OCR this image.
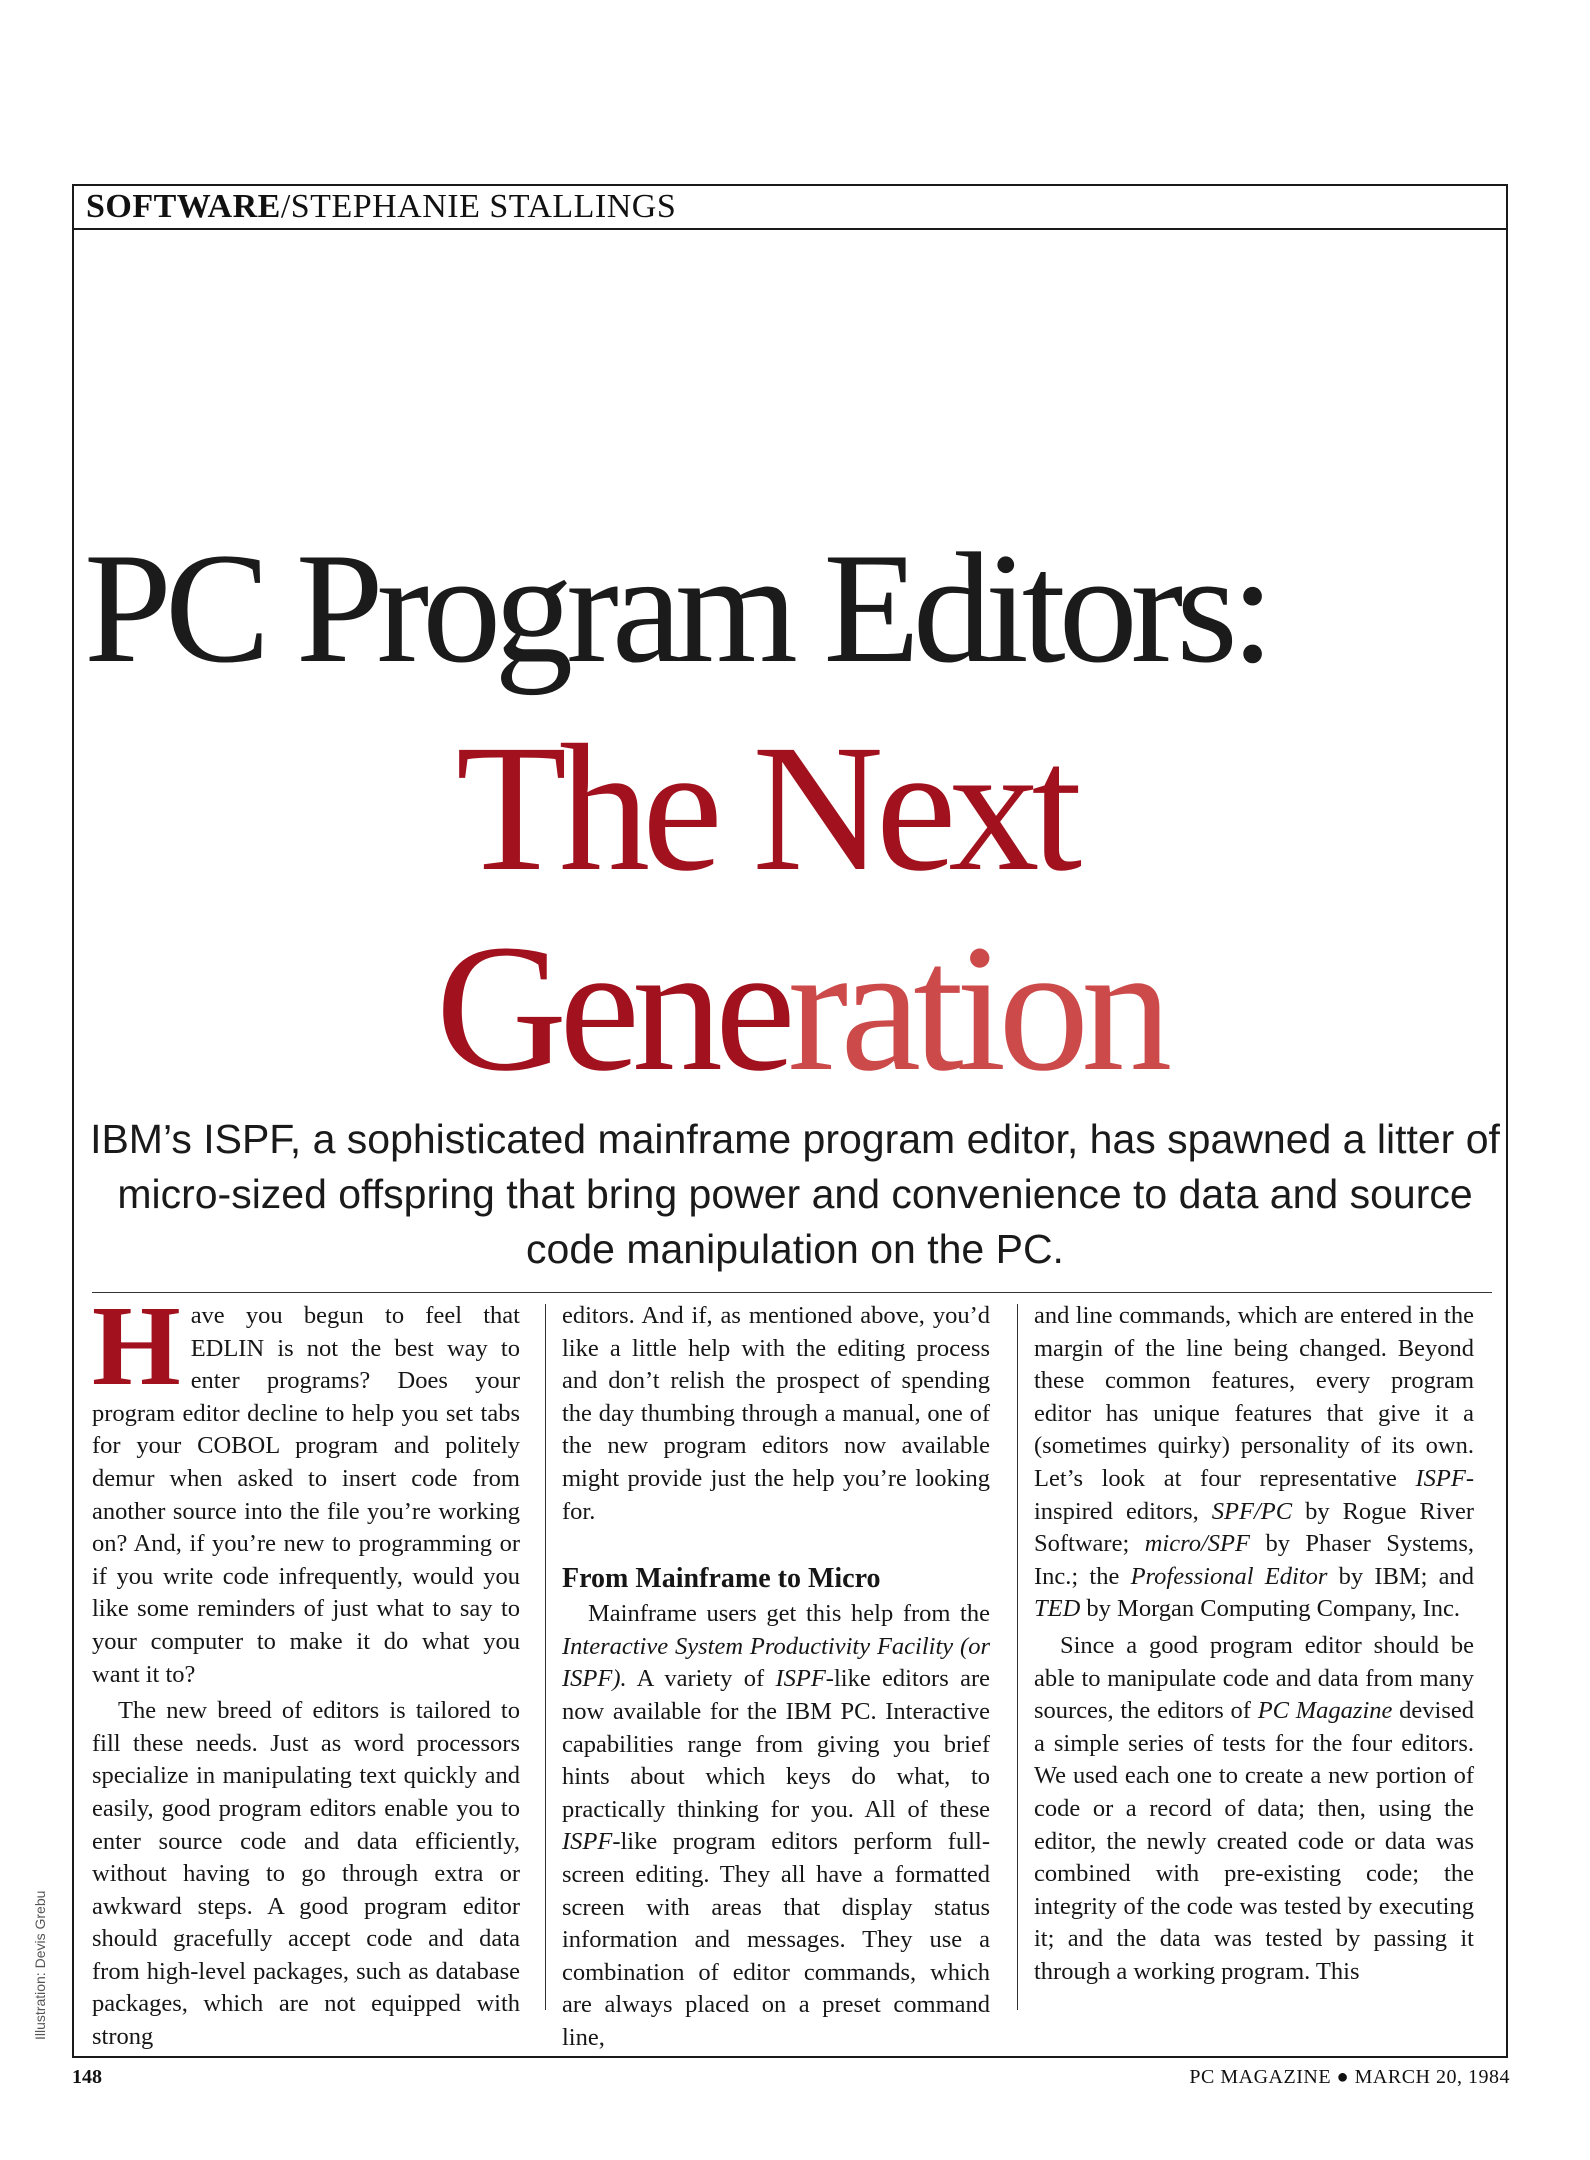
SOFTWARE/STEPHANIE STALLINGS
PC Program Editors:
The Next
Generation
IBM’s ISPF, a sophisticated mainframe program editor, has spawned a litter of micro-sized offspring that bring power and convenience to data and source code manipulation on the PC.

Have you begun to feel that EDLIN is not the best way to enter programs? Does your program editor decline to help you set tabs for your COBOL program and politely demur when asked to insert code from another source into the file you’re working on? And, if you’re new to programming or if you write code infrequently, would you like some reminders of just what to say to your computer to make it do what you want it to?

The new breed of editors is tailored to fill these needs. Just as word processors specialize in manipulating text quickly and easily, good program editors enable you to enter source code and data efficiently, without having to go through extra or awkward steps. A good program editor should gracefully accept code and data from high-level packages, such as database packages, which are not equipped with strong

editors. And if, as mentioned above, you’d like a little help with the editing process and don’t relish the prospect of spending the day thumbing through a manual, one of the new program editors now available might provide just the help you’re looking for.

From Mainframe to Micro

Mainframe users get this help from the Interactive System Productivity Facility (or ISPF). A variety of ISPF-like editors are now available for the IBM PC. Interactive capabilities range from giving you brief hints about which keys do what, to practically thinking for you. All of these ISPF-like program editors perform full-screen editing. They all have a formatted screen with areas that display status information and messages. They use a combination of editor commands, which are always placed on a preset command line,

and line commands, which are entered in the margin of the line being changed. Beyond these common features, every program editor has unique features that give it a (sometimes quirky) personality of its own. Let’s look at four representative ISPF-inspired editors, SPF/PC by Rogue River Software; micro/SPF by Phaser Systems, Inc.; the Professional Editor by IBM; and TED by Morgan Computing Company, Inc.

Since a good program editor should be able to manipulate code and data from many sources, the editors of PC Magazine devised a simple series of tests for the four editors. We used each one to create a new portion of code or a record of data; then, using the editor, the newly created code or data was combined with pre-existing code; the integrity of the code was tested by executing it; and the data was tested by passing it through a working program. This

Illustration: Devis Grebu
148	PC MAGAZINE ● MARCH 20, 1984
